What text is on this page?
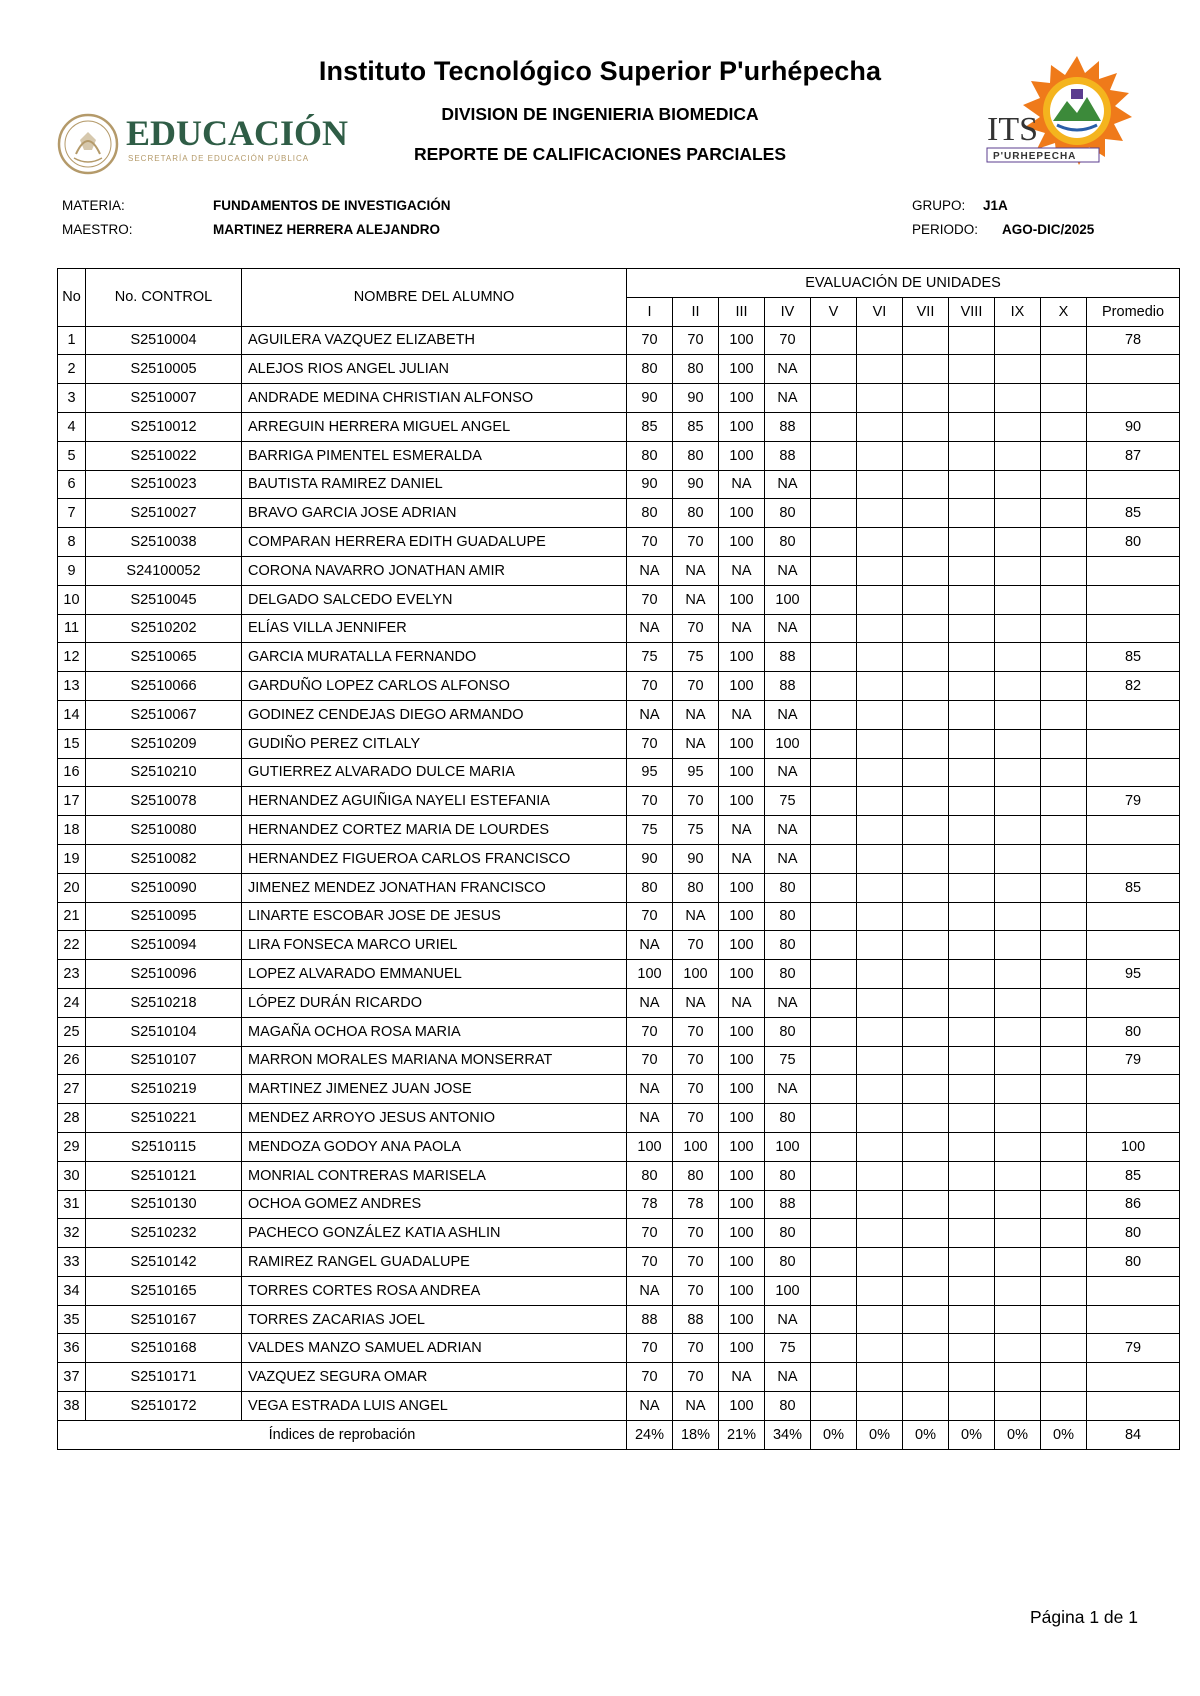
Instituto Tecnológico Superior P'urhépecha
DIVISION DE INGENIERIA BIOMEDICA
REPORTE DE CALIFICACIONES PARCIALES
EDUCACIÓN
SECRETARÍA DE EDUCACIÓN PÚBLICA
ITS
P'URHEPECHA
MATERIA:	FUNDAMENTOS DE INVESTIGACIÓN
MAESTRO:	MARTINEZ HERRERA ALEJANDRO
GRUPO: J1A
PERIODO: AGO-DIC/2025
No	No. CONTROL	NOMBRE DEL ALUMNO	EVALUACIÓN DE UNIDADES										
			I	II	III	IV	V	VI	VII	VIII	IX	X	Promedio
1	S2510004	AGUILERA VAZQUEZ ELIZABETH	70	70	100	70							78
2	S2510005	ALEJOS RIOS ANGEL JULIAN	80	80	100	NA							
3	S2510007	ANDRADE MEDINA CHRISTIAN ALFONSO	90	90	100	NA							
4	S2510012	ARREGUIN HERRERA MIGUEL ANGEL	85	85	100	88							90
5	S2510022	BARRIGA PIMENTEL ESMERALDA	80	80	100	88							87
6	S2510023	BAUTISTA RAMIREZ DANIEL	90	90	NA	NA							
7	S2510027	BRAVO GARCIA JOSE ADRIAN	80	80	100	80							85
8	S2510038	COMPARAN HERRERA EDITH GUADALUPE	70	70	100	80							80
9	S24100052	CORONA NAVARRO JONATHAN AMIR	NA	NA	NA	NA							
10	S2510045	DELGADO SALCEDO EVELYN	70	NA	100	100							
11	S2510202	ELÍAS VILLA JENNIFER	NA	70	NA	NA							
12	S2510065	GARCIA MURATALLA FERNANDO	75	75	100	88							85
13	S2510066	GARDUÑO LOPEZ CARLOS ALFONSO	70	70	100	88							82
14	S2510067	GODINEZ CENDEJAS DIEGO ARMANDO	NA	NA	NA	NA							
15	S2510209	GUDIÑO PEREZ CITLALY	70	NA	100	100							
16	S2510210	GUTIERREZ ALVARADO DULCE MARIA	95	95	100	NA							
17	S2510078	HERNANDEZ AGUIÑIGA NAYELI ESTEFANIA	70	70	100	75							79
18	S2510080	HERNANDEZ CORTEZ MARIA DE LOURDES	75	75	NA	NA							
19	S2510082	HERNANDEZ FIGUEROA CARLOS FRANCISCO	90	90	NA	NA							
20	S2510090	JIMENEZ MENDEZ JONATHAN FRANCISCO	80	80	100	80							85
21	S2510095	LINARTE ESCOBAR JOSE DE JESUS	70	NA	100	80							
22	S2510094	LIRA FONSECA MARCO URIEL	NA	70	100	80							
23	S2510096	LOPEZ ALVARADO EMMANUEL	100	100	100	80							95
24	S2510218	LÓPEZ DURÁN RICARDO	NA	NA	NA	NA							
25	S2510104	MAGAÑA OCHOA ROSA MARIA	70	70	100	80							80
26	S2510107	MARRON MORALES MARIANA MONSERRAT	70	70	100	75							79
27	S2510219	MARTINEZ JIMENEZ JUAN JOSE	NA	70	100	NA							
28	S2510221	MENDEZ ARROYO JESUS ANTONIO	NA	70	100	80							
29	S2510115	MENDOZA GODOY ANA PAOLA	100	100	100	100							100
30	S2510121	MONRIAL CONTRERAS MARISELA	80	80	100	80							85
31	S2510130	OCHOA GOMEZ ANDRES	78	78	100	88							86
32	S2510232	PACHECO GONZÁLEZ KATIA ASHLIN	70	70	100	80							80
33	S2510142	RAMIREZ RANGEL GUADALUPE	70	70	100	80							80
34	S2510165	TORRES CORTES ROSA ANDREA	NA	70	100	100							
35	S2510167	TORRES ZACARIAS JOEL	88	88	100	NA							
36	S2510168	VALDES MANZO SAMUEL ADRIAN	70	70	100	75							79
37	S2510171	VAZQUEZ SEGURA OMAR	70	70	NA	NA							
38	S2510172	VEGA ESTRADA LUIS ANGEL	NA	NA	100	80							
Índices de reprobación			24%	18%	21%	34%	0%	0%	0%	0%	0%	0%	84
Página 1 de 1
